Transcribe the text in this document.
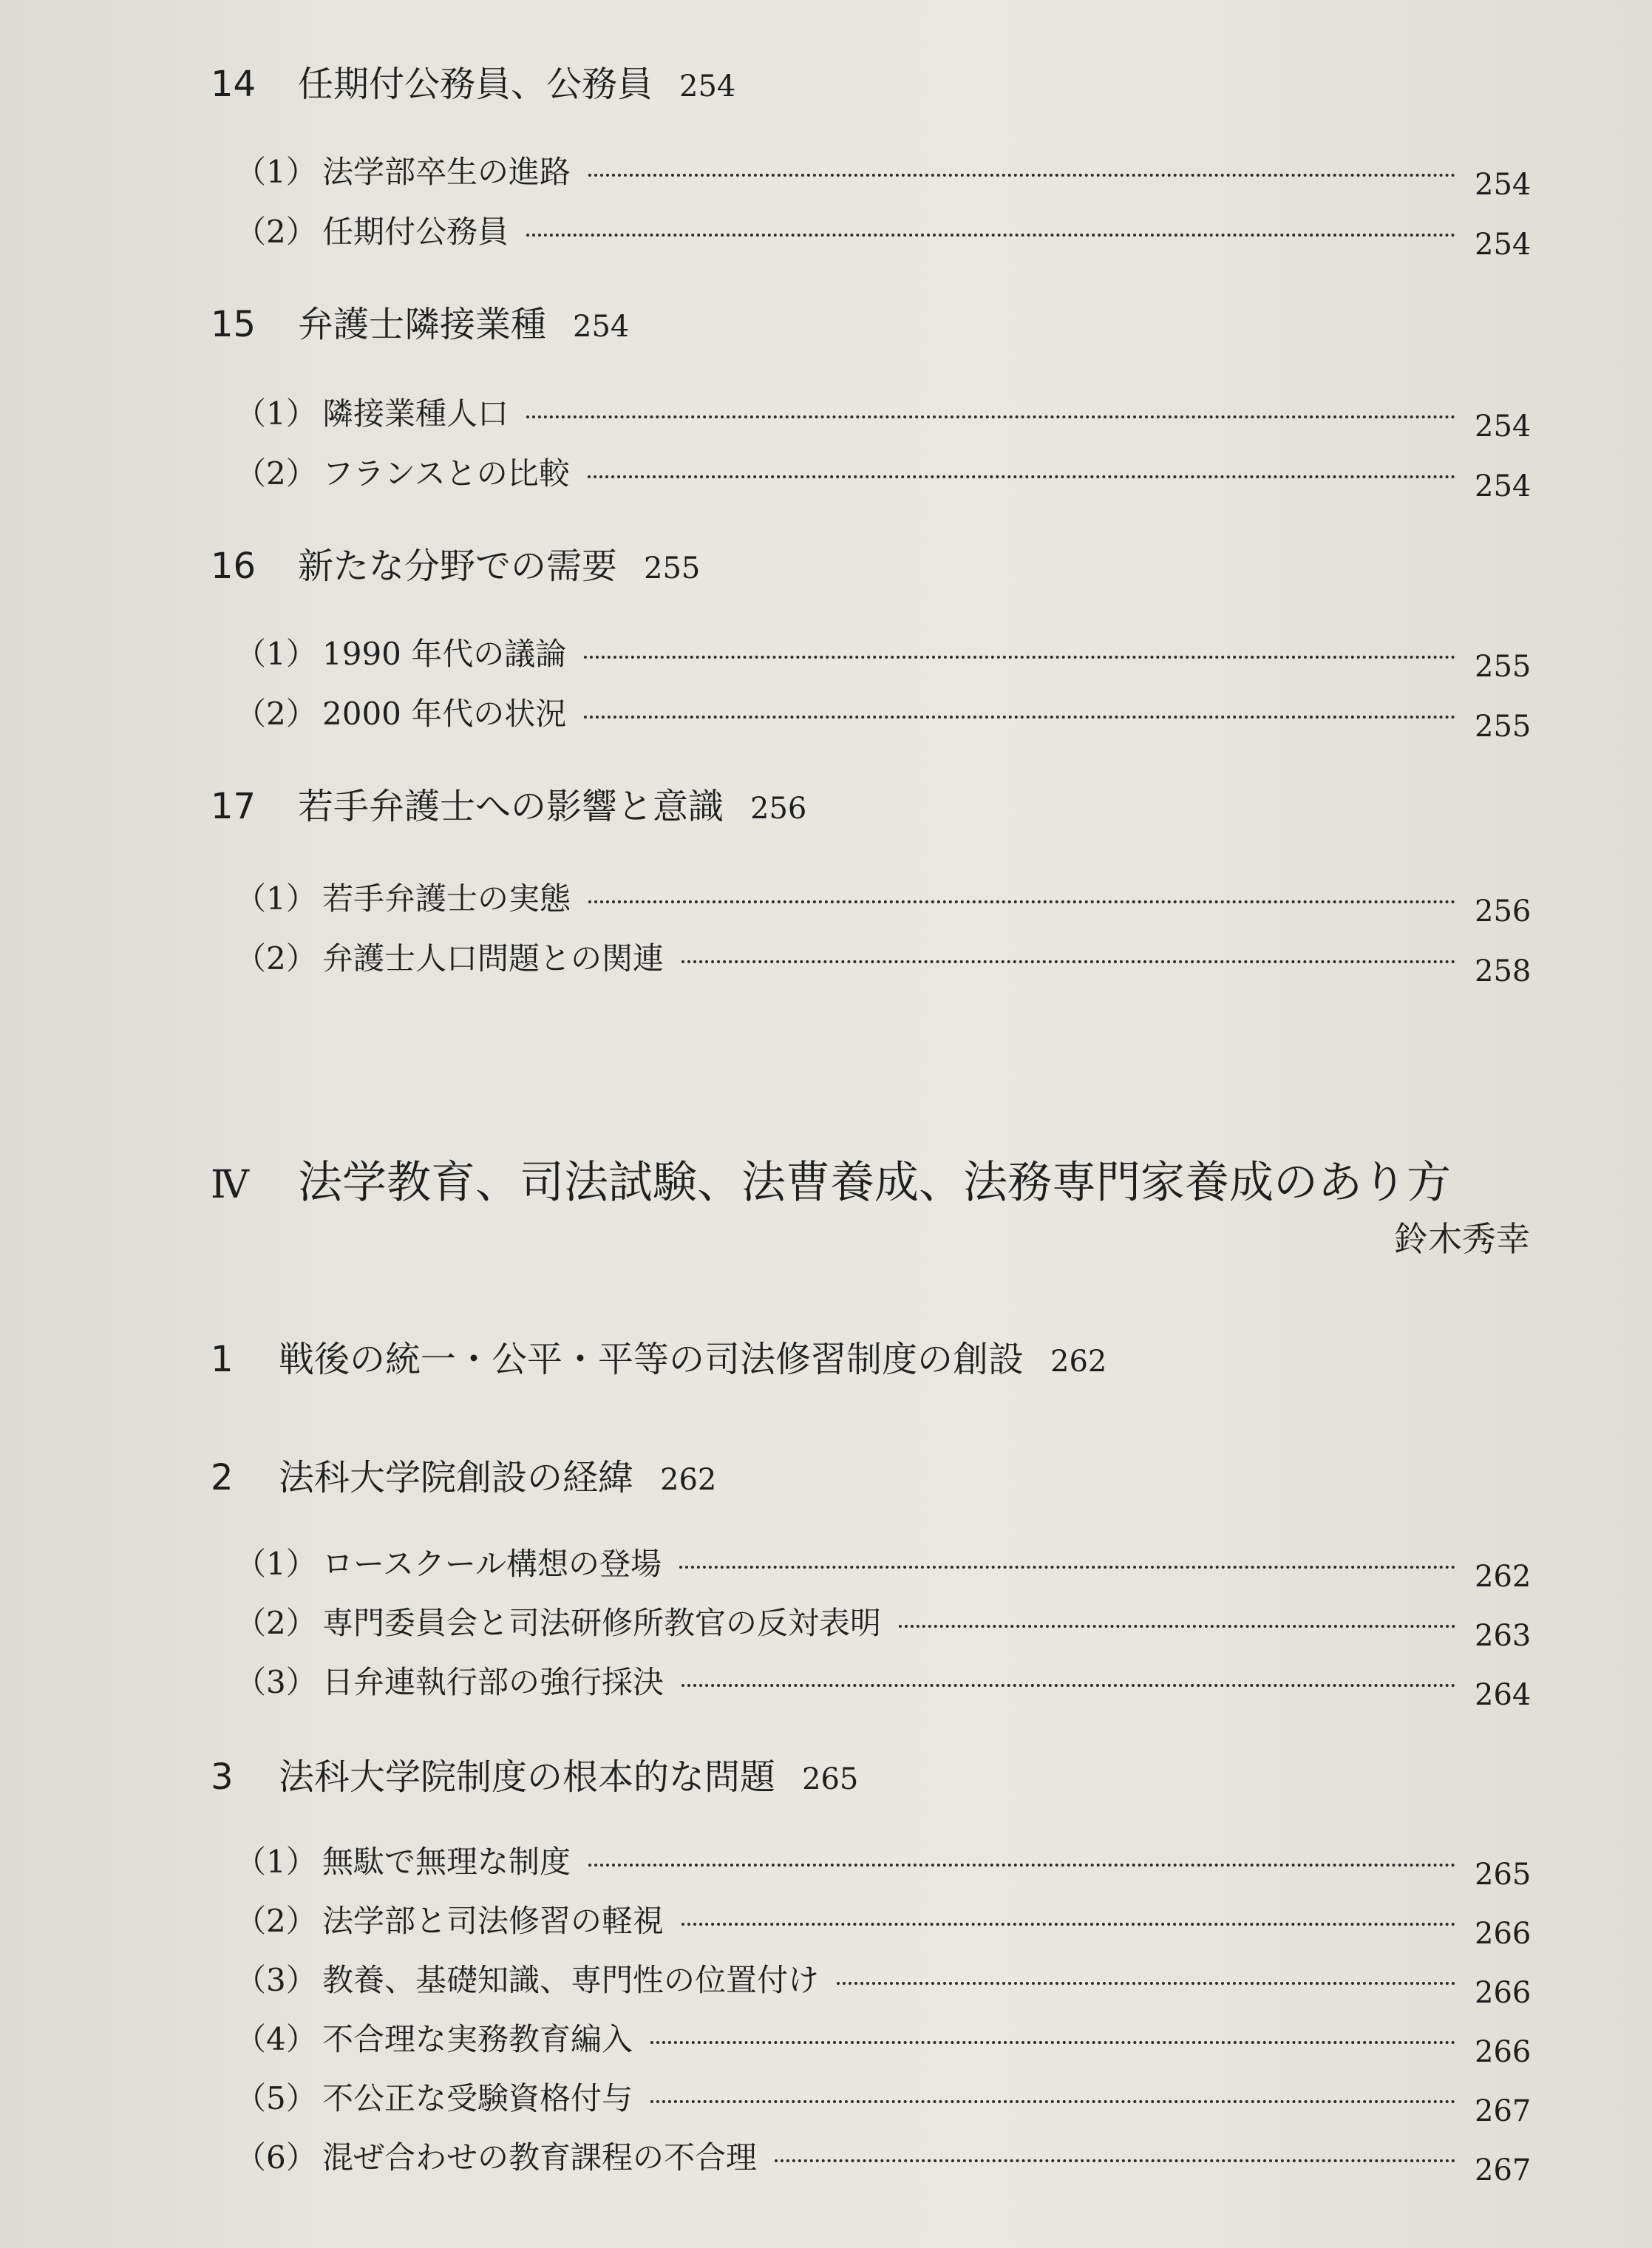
14	任期付公務員、公務員 254
（1） 法学部卒生の進路	254
（2） 任期付公務員	254
15	弁護士隣接業種 254
（1） 隣接業種人口	254
（2） フランスとの比較	254
16	新たな分野での需要 255
（1） 1990 年代の議論	255
（2） 2000 年代の状況	255
17	若手弁護士への影響と意識 256
（1） 若手弁護士の実態	256
（2） 弁護士人口問題との関連	258
Ⅳ	法学教育、司法試験、法曹養成、法務専門家養成のあり方
鈴木秀幸
1	戦後の統一・公平・平等の司法修習制度の創設 262
2	法科大学院創設の経緯 262
（1） ロースクール構想の登場	262
（2） 専門委員会と司法研修所教官の反対表明	263
（3） 日弁連執行部の強行採決	264
3	法科大学院制度の根本的な問題 265
（1） 無駄で無理な制度	265
（2） 法学部と司法修習の軽視	266
（3） 教養、基礎知識、専門性の位置付け	266
（4） 不合理な実務教育編入	266
（5） 不公正な受験資格付与	267
（6） 混ぜ合わせの教育課程の不合理	267
